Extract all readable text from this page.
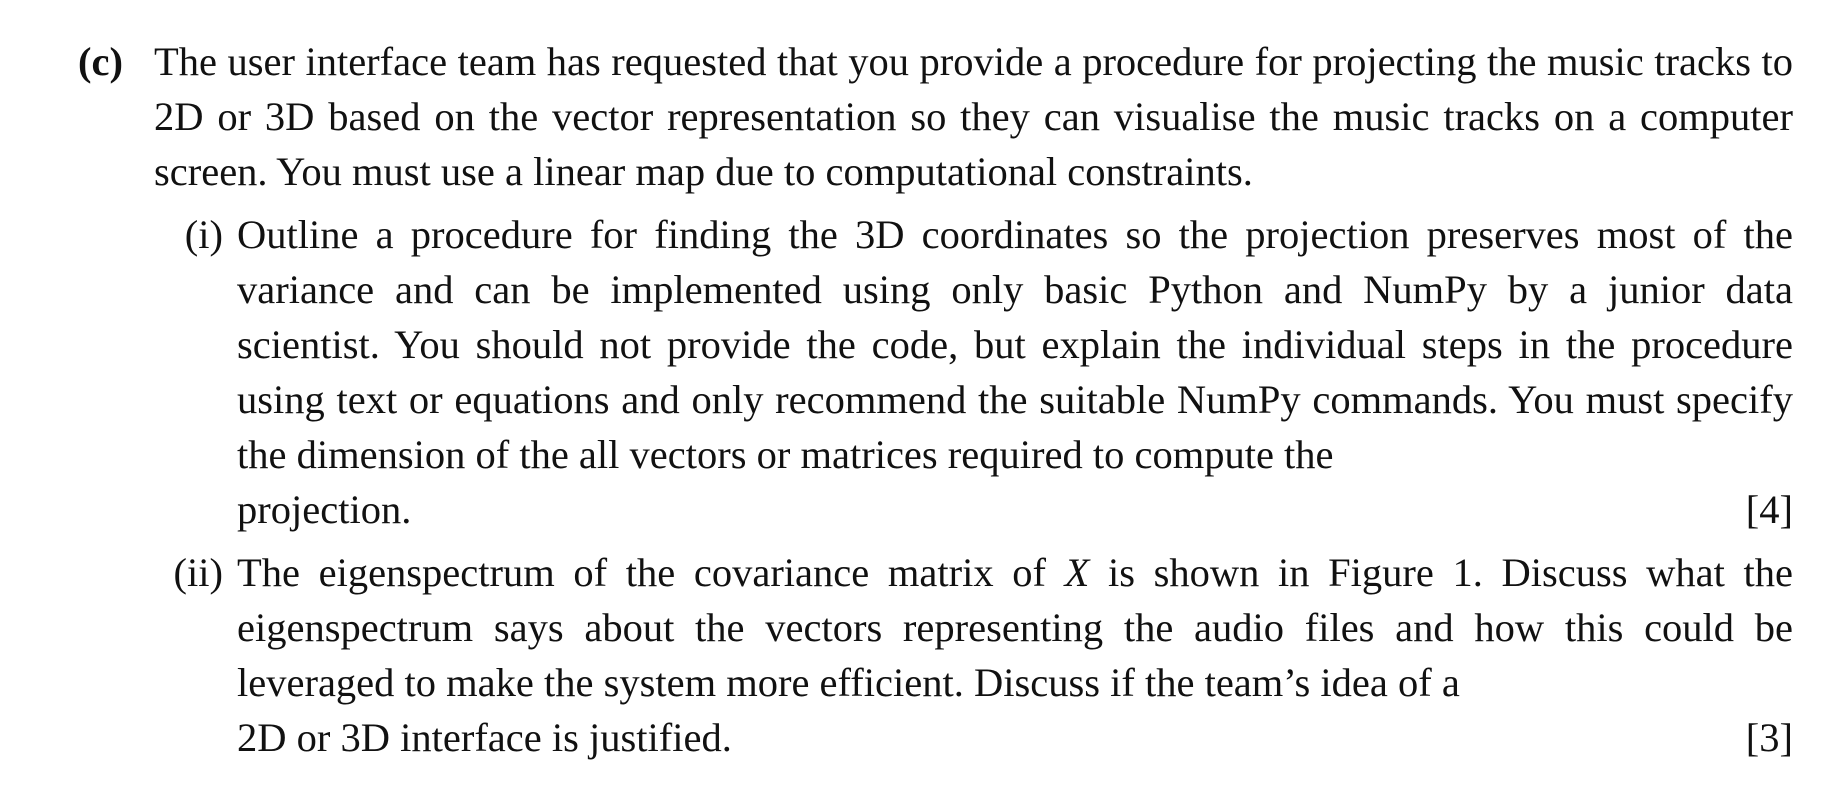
(c) The user interface team has requested that you provide a procedure for projecting the music tracks to 2D or 3D based on the vector representation so they can visualise the music tracks on a computer screen. You must use a linear map due to computational constraints.
(i) Outline a procedure for finding the 3D coordinates so the projection preserves most of the variance and can be implemented using only basic Python and NumPy by a junior data scientist. You should not provide the code, but explain the individual steps in the procedure using text or equations and only recommend the suitable NumPy commands. You must specify the dimension of the all vectors or matrices required to compute the
projection.	[4]
(ii) The eigenspectrum of the covariance matrix of X is shown in Figure 1. Discuss what the eigenspectrum says about the vectors representing the audio files and how this could be leveraged to make the system more efficient. Discuss if the team’s idea of a
2D or 3D interface is justified.	[3]
